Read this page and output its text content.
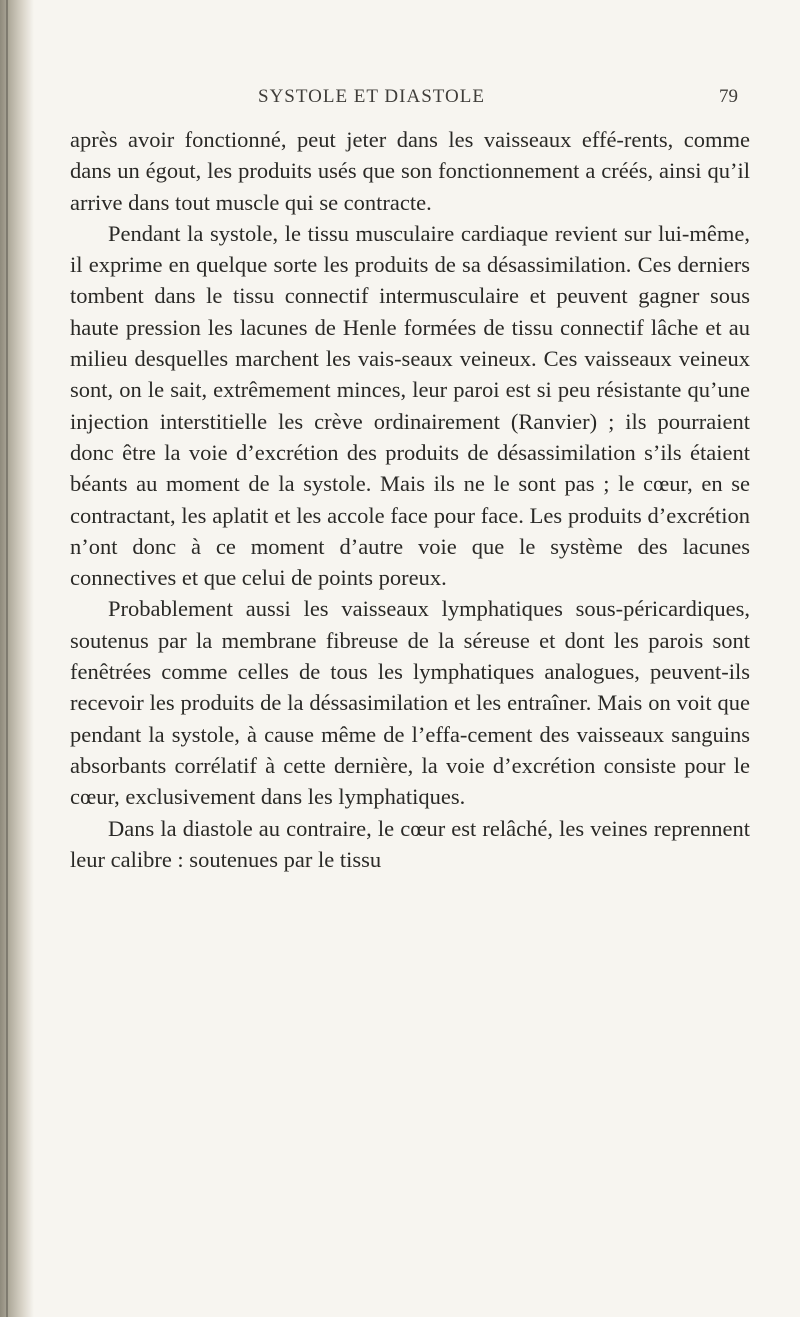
SYSTOLE ET DIASTOLE	79

après avoir fonctionné, peut jeter dans les vaisseaux effé-rents, comme dans un égout, les produits usés que son fonctionnement a créés, ainsi qu’il arrive dans tout muscle qui se contracte.

Pendant la systole, le tissu musculaire cardiaque revient sur lui-même, il exprime en quelque sorte les produits de sa désassimilation. Ces derniers tombent dans le tissu connectif intermusculaire et peuvent gagner sous haute pression les lacunes de Henle formées de tissu connectif lâche et au milieu desquelles marchent les vais-seaux veineux. Ces vaisseaux veineux sont, on le sait, extrêmement minces, leur paroi est si peu résistante qu’une injection interstitielle les crève ordinairement (Ranvier) ; ils pourraient donc être la voie d’excrétion des produits de désassimilation s’ils étaient béants au moment de la systole. Mais ils ne le sont pas ; le cœur, en se contractant, les aplatit et les accole face pour face. Les produits d’excrétion n’ont donc à ce moment d’autre voie que le système des lacunes connectives et que celui de points poreux.

Probablement aussi les vaisseaux lymphatiques sous-péricardiques, soutenus par la membrane fibreuse de la séreuse et dont les parois sont fenêtrées comme celles de tous les lymphatiques analogues, peuvent-ils recevoir les produits de la déssasimilation et les entraîner. Mais on voit que pendant la systole, à cause même de l’effa-cement des vaisseaux sanguins absorbants corrélatif à cette dernière, la voie d’excrétion consiste pour le cœur, exclusivement dans les lymphatiques.

Dans la diastole au contraire, le cœur est relâché, les veines reprennent leur calibre : soutenues par le tissu
